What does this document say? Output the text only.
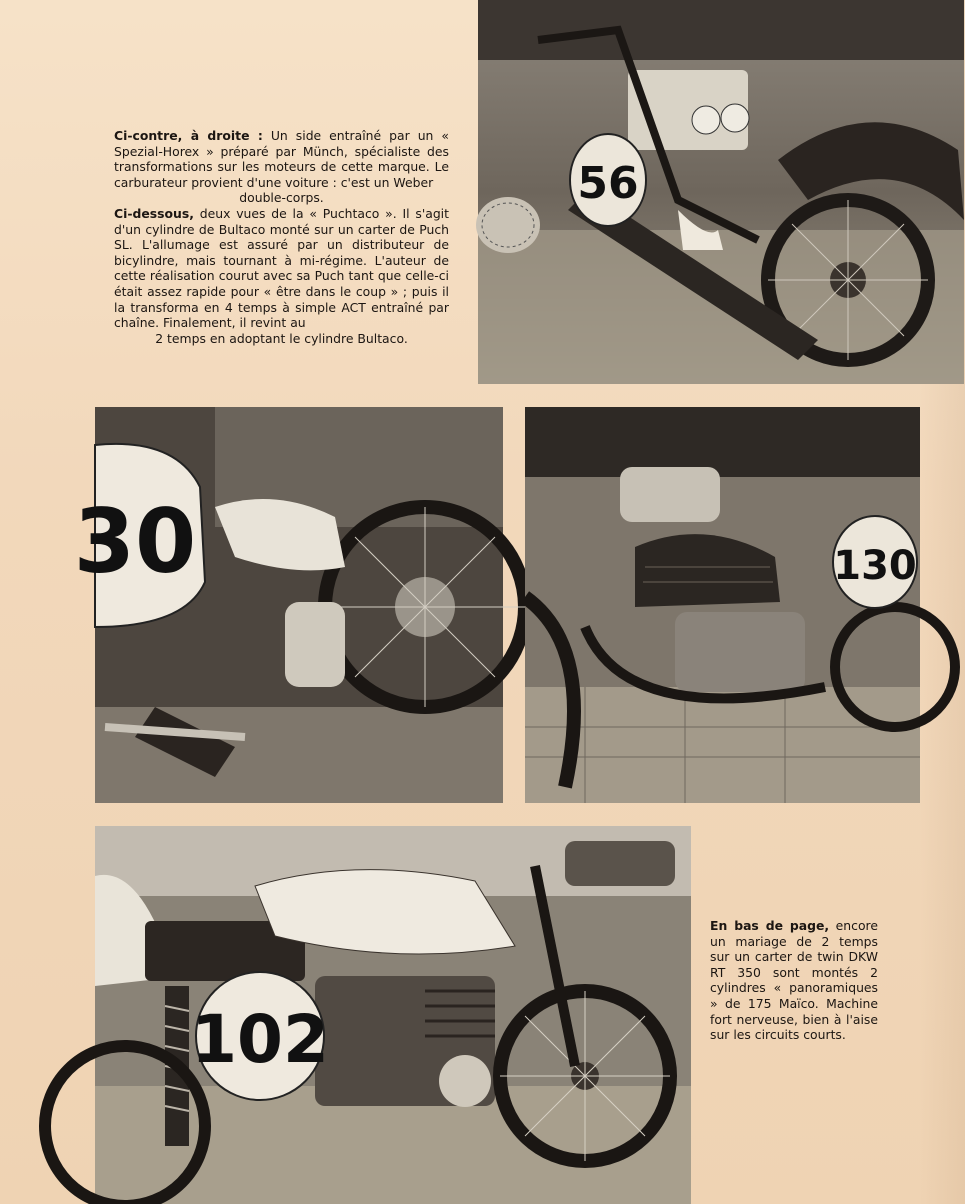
Ci-contre, à droite : Un side entraîné par un « Spezial-Horex » préparé par Münch, spécialiste des transformations sur les moteurs de cette marque. Le carburateur provient d'une voiture : c'est un Weber

double-corps.

Ci-dessous, deux vues de la « Puchtaco ». Il s'agit d'un cylindre de Bultaco monté sur un carter de Puch SL. L'allumage est assuré par un distributeur de bicylindre, mais tournant à mi-régime. L'auteur de cette réalisation courut avec sa Puch tant que celle-ci était assez rapide pour « être dans le coup » ; puis il la transforma en 4 temps à simple ACT entraîné par chaîne. Finalement, il revint au

2 temps en adoptant le cylindre Bultaco.

56
30	130
102

En bas de page, encore un mariage de 2 temps sur un carter de twin DKW RT 350 sont montés 2 cylindres « panoramiques » de 175 Maïco. Machine fort nerveuse, bien à l'aise sur les circuits courts.
